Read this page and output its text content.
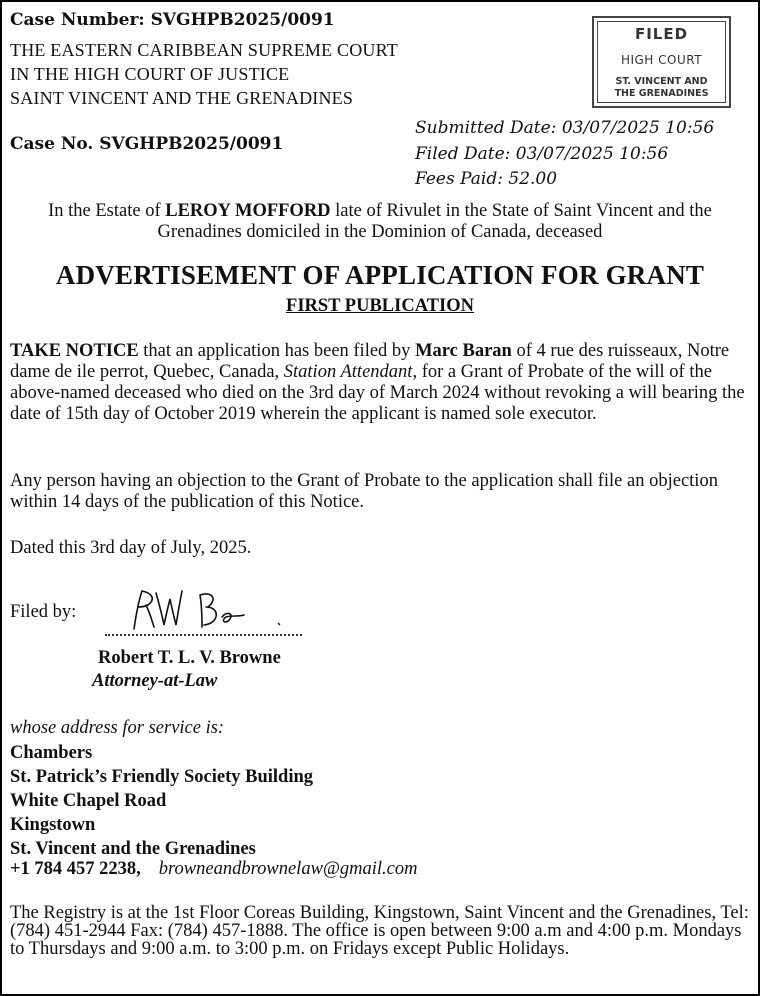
Case Number: SVGHPB2025/0091
THE EASTERN CARIBBEAN SUPREME COURT
IN THE HIGH COURT OF JUSTICE
SAINT VINCENT AND THE GRENADINES
FILED
HIGH COURT
ST. VINCENT AND
THE GRENADINES
Case No. SVGHPB2025/0091
Submitted Date: 03/07/2025 10:56
Filed Date: 03/07/2025 10:56
Fees Paid: 52.00
In the Estate of LEROY MOFFORD late of Rivulet in the State of Saint Vincent and the Grenadines domiciled in the Dominion of Canada, deceased
ADVERTISEMENT OF APPLICATION FOR GRANT
FIRST PUBLICATION
TAKE NOTICE that an application has been filed by Marc Baran of 4 rue des ruisseaux, Notre dame de ile perrot, Quebec, Canada, Station Attendant, for a Grant of Probate of the will of the above-named deceased who died on the 3rd day of March 2024 without revoking a will bearing the date of 15th day of October 2019 wherein the applicant is named sole executor.
Any person having an objection to the Grant of Probate to the application shall file an objection within 14 days of the publication of this Notice.
Dated this 3rd day of July, 2025.
Filed by:
Robert T. L. V. Browne
Attorney-at-Law
whose address for service is:
Chambers
St. Patrick’s Friendly Society Building
White Chapel Road
Kingstown
St. Vincent and the Grenadines
+1 784 457 2238, browneandbrownelaw@gmail.com
The Registry is at the 1st Floor Coreas Building, Kingstown, Saint Vincent and the Grenadines, Tel: (784) 451-2944 Fax: (784) 457-1888. The office is open between 9:00 a.m and 4:00 p.m. Mondays to Thursdays and 9:00 a.m. to 3:00 p.m. on Fridays except Public Holidays.
